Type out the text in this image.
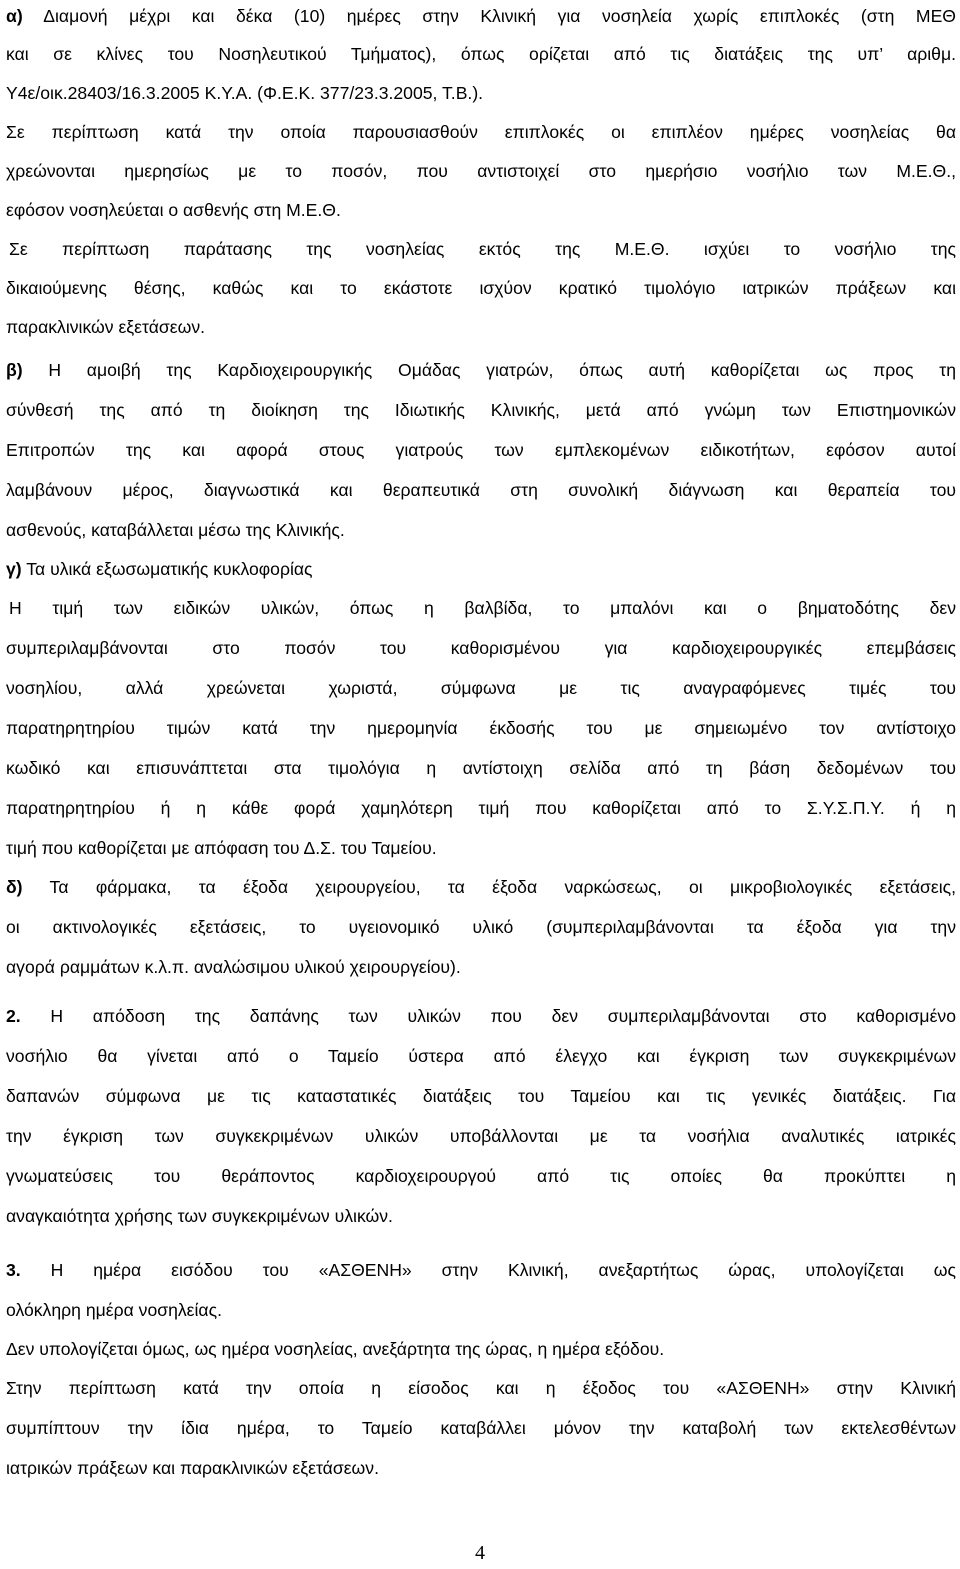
α) Διαμονή μέχρι και δέκα (10) ημέρες στην Κλινική για νοσηλεία χωρίς επιπλοκές (στη ΜΕΘ
και σε κλίνες του Νοσηλευτικού Τμήματος), όπως ορίζεται από τις διατάξεις της υπ’ αριθμ.
Υ4ε/οικ.28403/16.3.2005 Κ.Υ.Α. (Φ.Ε.Κ. 377/23.3.2005, Τ.Β.).
Σε περίπτωση κατά την οποία παρουσιασθούν επιπλοκές οι επιπλέον ημέρες νοσηλείας θα
χρεώνονται ημερησίως με το ποσόν, που αντιστοιχεί στο ημερήσιο νοσήλιο των Μ.Ε.Θ.,
εφόσον νοσηλεύεται ο ασθενής στη Μ.Ε.Θ.
Σε περίπτωση παράτασης της νοσηλείας εκτός της Μ.Ε.Θ. ισχύει το νοσήλιο της
δικαιούμενης θέσης, καθώς και το εκάστοτε ισχύον κρατικό τιμολόγιο ιατρικών πράξεων και
παρακλινικών εξετάσεων.
β) Η αμοιβή της Καρδιοχειρουργικής Ομάδας γιατρών, όπως αυτή καθορίζεται ως προς τη
σύνθεσή της από τη διοίκηση της Ιδιωτικής Κλινικής, μετά από γνώμη των Επιστημονικών
Επιτροπών της και αφορά στους γιατρούς των εμπλεκομένων ειδικοτήτων, εφόσον αυτοί
λαμβάνουν μέρος, διαγνωστικά και θεραπευτικά στη συνολική διάγνωση και θεραπεία του
ασθενούς, καταβάλλεται μέσω της Κλινικής.
γ) Τα υλικά εξωσωματικής κυκλοφορίας
Η τιμή των ειδικών υλικών, όπως η βαλβίδα, το μπαλόνι και ο βηματοδότης δεν
συμπεριλαμβάνονται στο ποσόν του καθορισμένου για καρδιοχειρουργικές επεμβάσεις
νοσηλίου, αλλά χρεώνεται χωριστά, σύμφωνα με τις αναγραφόμενες τιμές του
παρατηρητηρίου τιμών κατά την ημερομηνία έκδοσής του με σημειωμένο τον αντίστοιχο
κωδικό και επισυνάπτεται στα τιμολόγια η αντίστοιχη σελίδα από τη βάση δεδομένων του
παρατηρητηρίου ή η κάθε φορά χαμηλότερη τιμή που καθορίζεται από το Σ.Υ.Σ.Π.Υ. ή η
τιμή που καθορίζεται με απόφαση του Δ.Σ. του Ταμείου.
δ) Τα φάρμακα, τα έξοδα χειρουργείου, τα έξοδα ναρκώσεως, οι μικροβιολογικές εξετάσεις,
οι ακτινολογικές εξετάσεις, το υγειονομικό υλικό (συμπεριλαμβάνονται τα έξοδα για την
αγορά ραμμάτων κ.λ.π. αναλώσιμου υλικού χειρουργείου).
2. Η απόδοση της δαπάνης των υλικών που δεν συμπεριλαμβάνονται στο καθορισμένο
νοσήλιο θα γίνεται από ο Ταμείο ύστερα από έλεγχο και έγκριση των συγκεκριμένων
δαπανών σύμφωνα με τις καταστατικές διατάξεις του Ταμείου και τις γενικές διατάξεις. Για
την έγκριση των συγκεκριμένων υλικών υποβάλλονται με τα νοσήλια αναλυτικές ιατρικές
γνωματεύσεις του θεράποντος καρδιοχειρουργού από τις οποίες θα προκύπτει η
αναγκαιότητα χρήσης των συγκεκριμένων υλικών.
3. Η ημέρα εισόδου του «ΑΣΘΕΝΗ» στην Κλινική, ανεξαρτήτως ώρας, υπολογίζεται ως
ολόκληρη ημέρα νοσηλείας.
Δεν υπολογίζεται όμως, ως ημέρα νοσηλείας, ανεξάρτητα της ώρας, η ημέρα εξόδου.
Στην περίπτωση κατά την οποία η είσοδος και η έξοδος του «ΑΣΘΕΝΗ» στην Κλινική
συμπίπτουν την ίδια ημέρα, το Ταμείο καταβάλλει μόνον την καταβολή των εκτελεσθέντων
ιατρικών πράξεων και παρακλινικών εξετάσεων.
4
